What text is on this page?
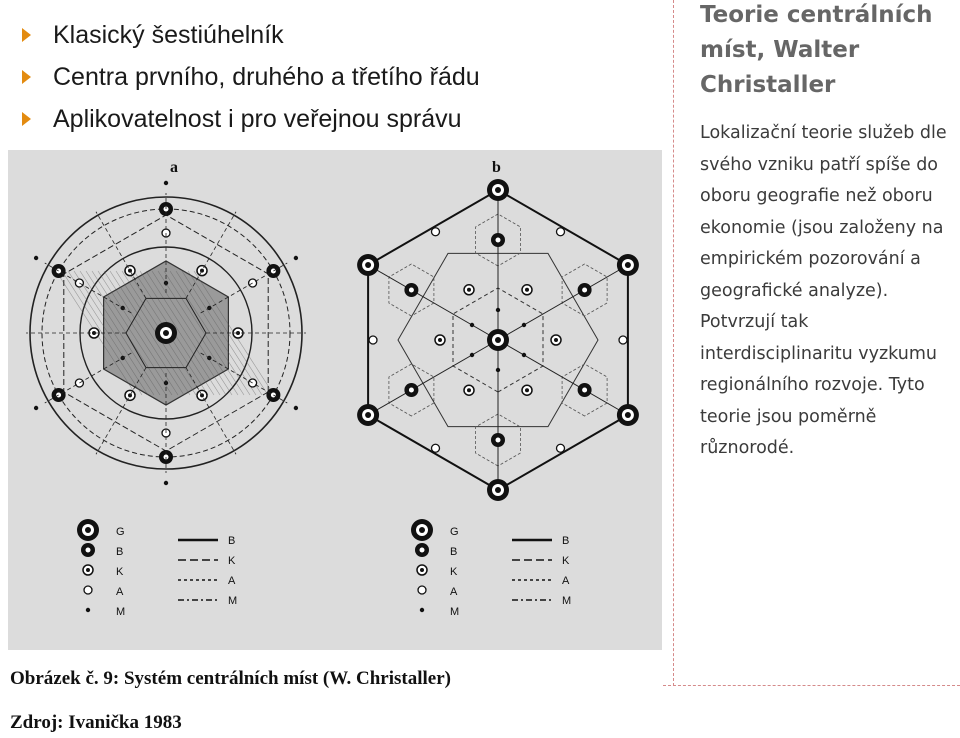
Klasický šestiúhelník
Centra prvního, druhého a třetího řádu
Aplikovatelnost i pro veřejnou správu
a	b
G
B
K
A
M
B
K
A
M
G
B
K
A
M
B
K
A
M
Obrázek č. 9: Systém centrálních míst (W. Christaller)
Zdroj: Ivanička 1983
Teorie centrálních míst, Walter Christaller
Lokalizační teorie služeb dle svého vzniku patří spíše do oboru geografie než oboru ekonomie (jsou založeny na empirickém pozorování a geografické analyze). Potvrzují tak interdisciplinaritu vyzkumu regionálního rozvoje. Tyto teorie jsou poměrně různorodé.
